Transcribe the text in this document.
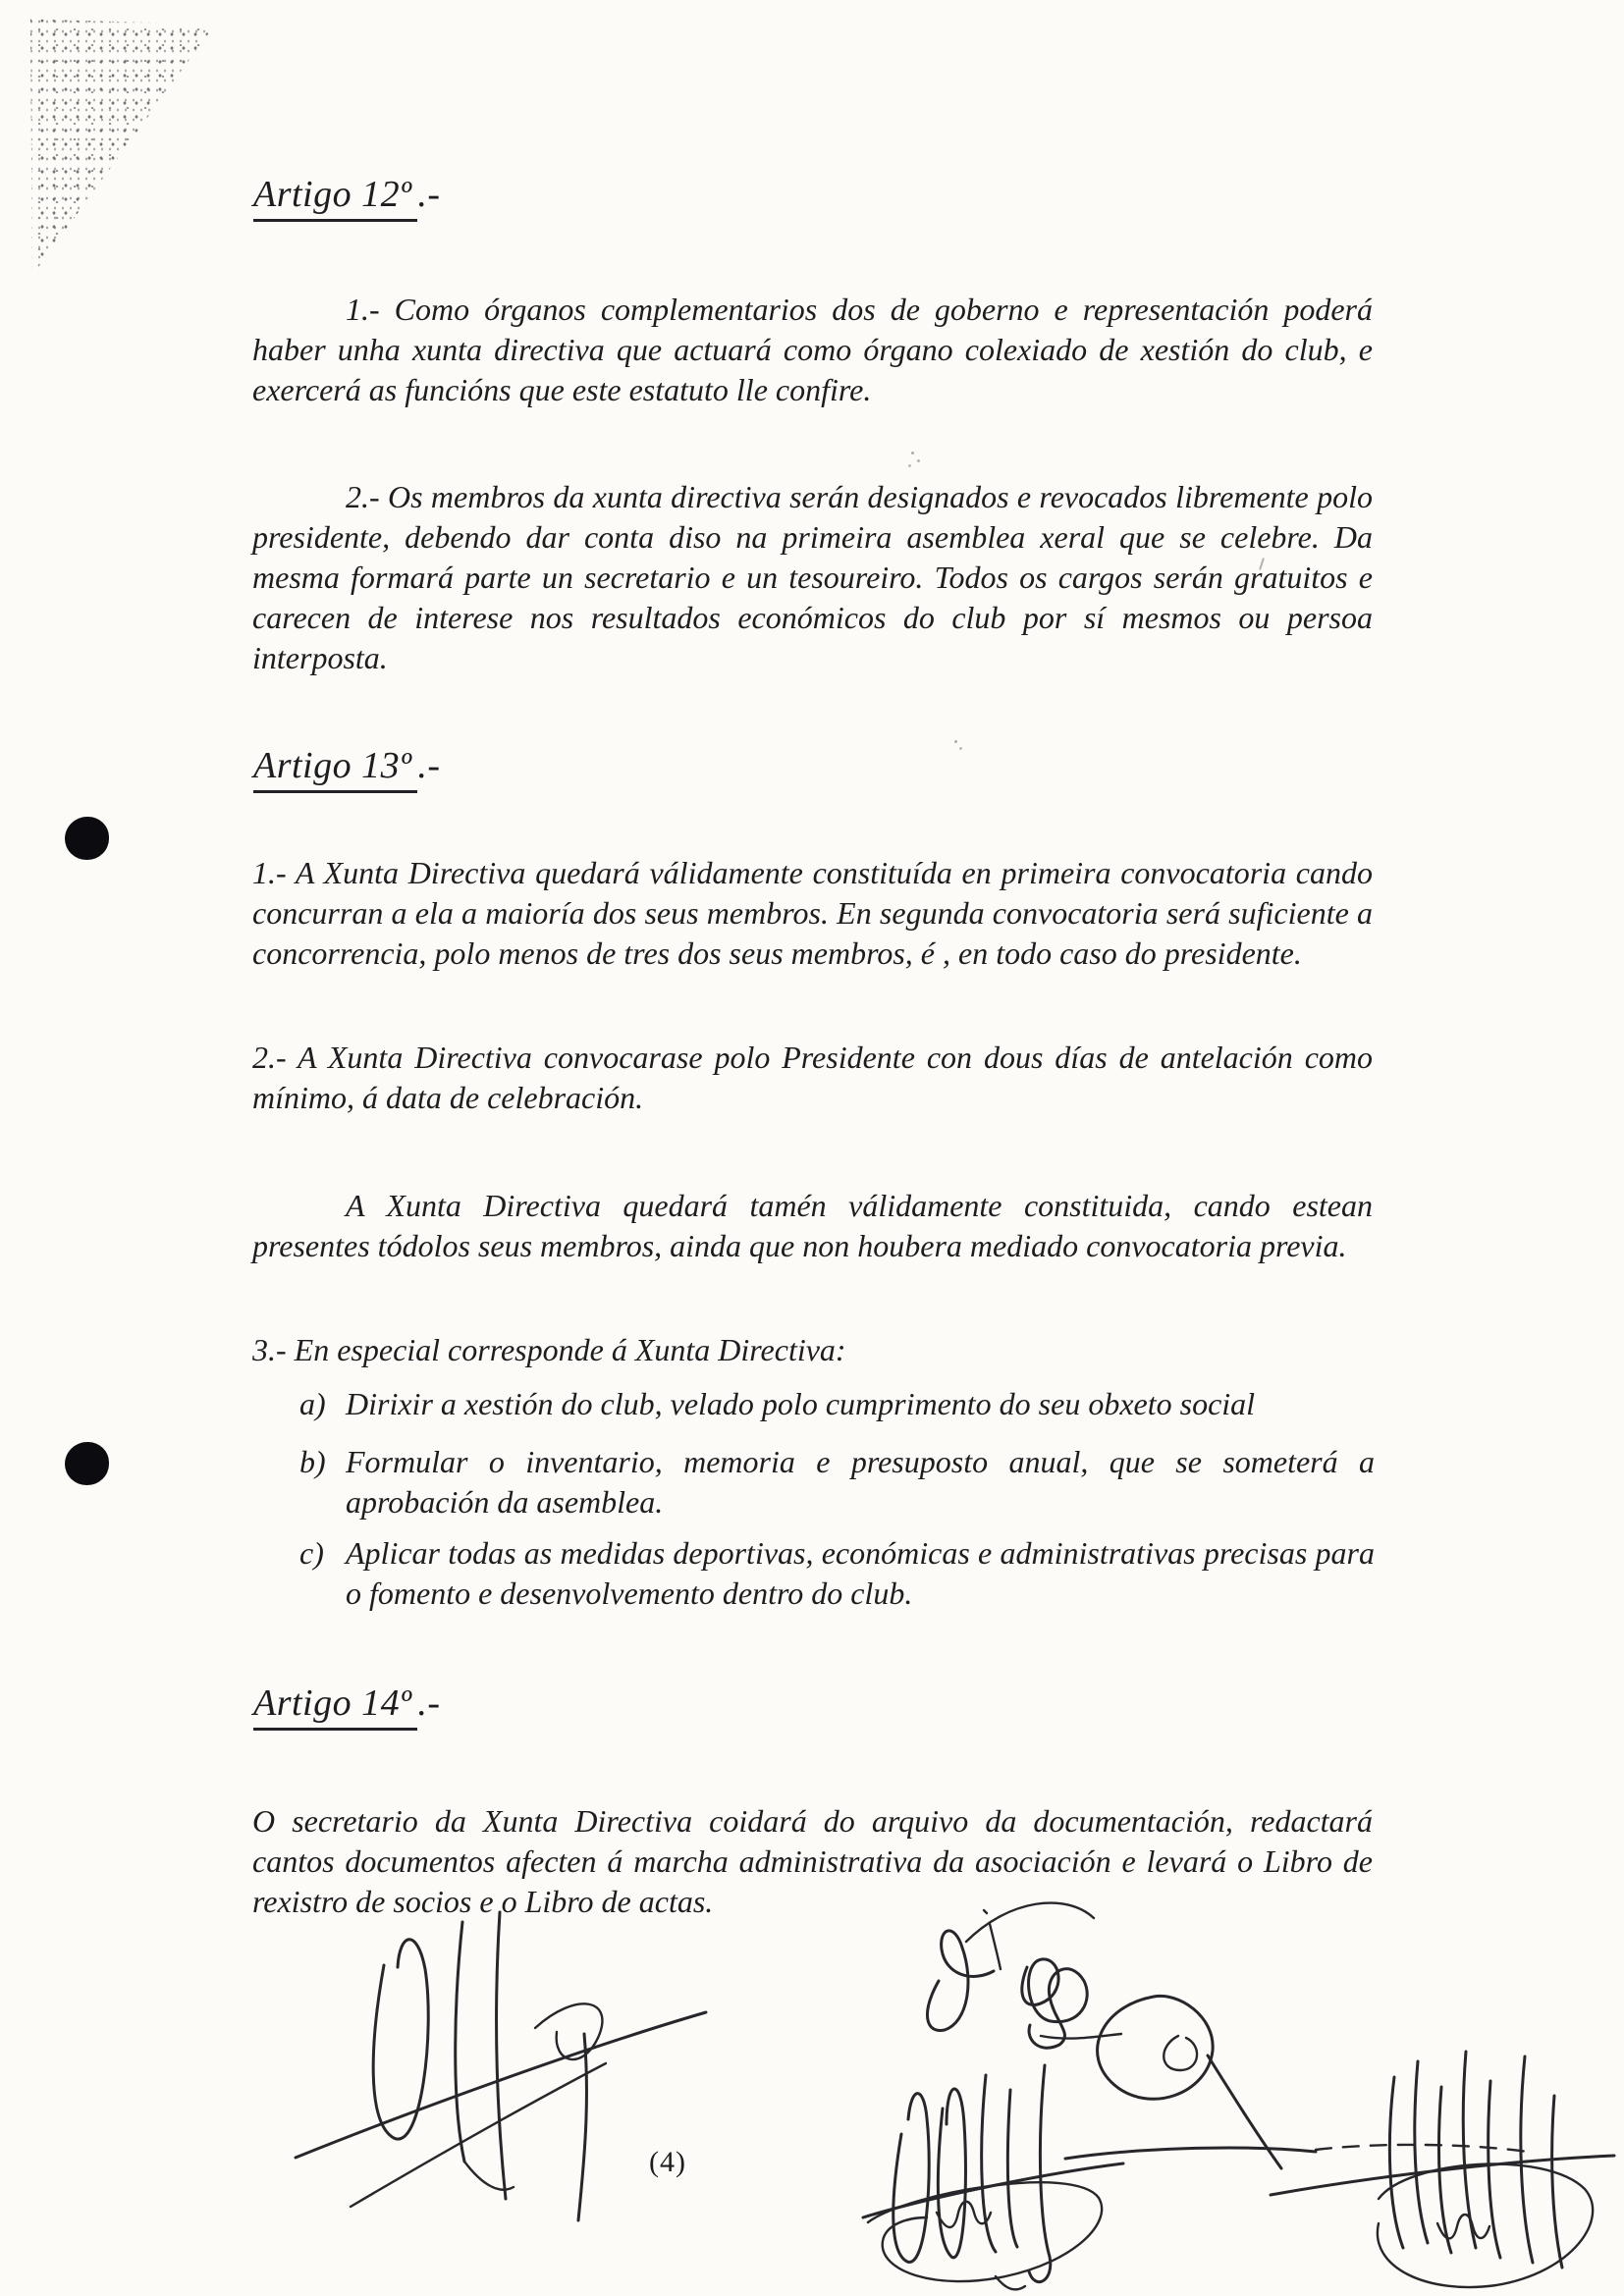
Artigo 12º .-

1.- Como órganos complementarios dos de goberno e representación poderá haber unha xunta directiva que actuará como órgano colexiado de xestión do club, e exercerá as funcións que este estatuto lle confire.

2.- Os membros da xunta directiva serán designados e revocados libremente polo presidente, debendo dar conta diso na primeira asemblea xeral que se celebre. Da mesma formará parte un secretario e un tesoureiro. Todos os cargos serán gratuitos e carecen de interese nos resultados económicos do club por sí mesmos ou persoa interposta.

Artigo 13º .-

1.- A Xunta Directiva quedará válidamente constituída en primeira convocatoria cando concurran a ela a maioría dos seus membros. En segunda convocatoria será suficiente a concorrencia, polo menos de tres dos seus membros, é , en todo caso do presidente.

2.- A Xunta Directiva convocarase polo Presidente con dous días de antelación como mínimo, á data de celebración.

A Xunta Directiva quedará tamén válidamente constituida, cando estean presentes tódolos seus membros, ainda que non houbera mediado convocatoria previa.

3.- En especial corresponde á Xunta Directiva:

a) Dirixir a xestión do club, velado polo cumprimento do seu obxeto social
b) Formular o inventario, memoria e presuposto anual, que se someterá a aprobación da asemblea.
c) Aplicar todas as medidas deportivas, económicas e administrativas precisas para o fomento e desenvolvemento dentro do club.
Artigo 14º .-

O secretario da Xunta Directiva coidará do arquivo da documentación, redactará cantos documentos afecten á marcha administrativa da asociación e levará o Libro de rexistro de socios e o Libro de actas.

(4)
